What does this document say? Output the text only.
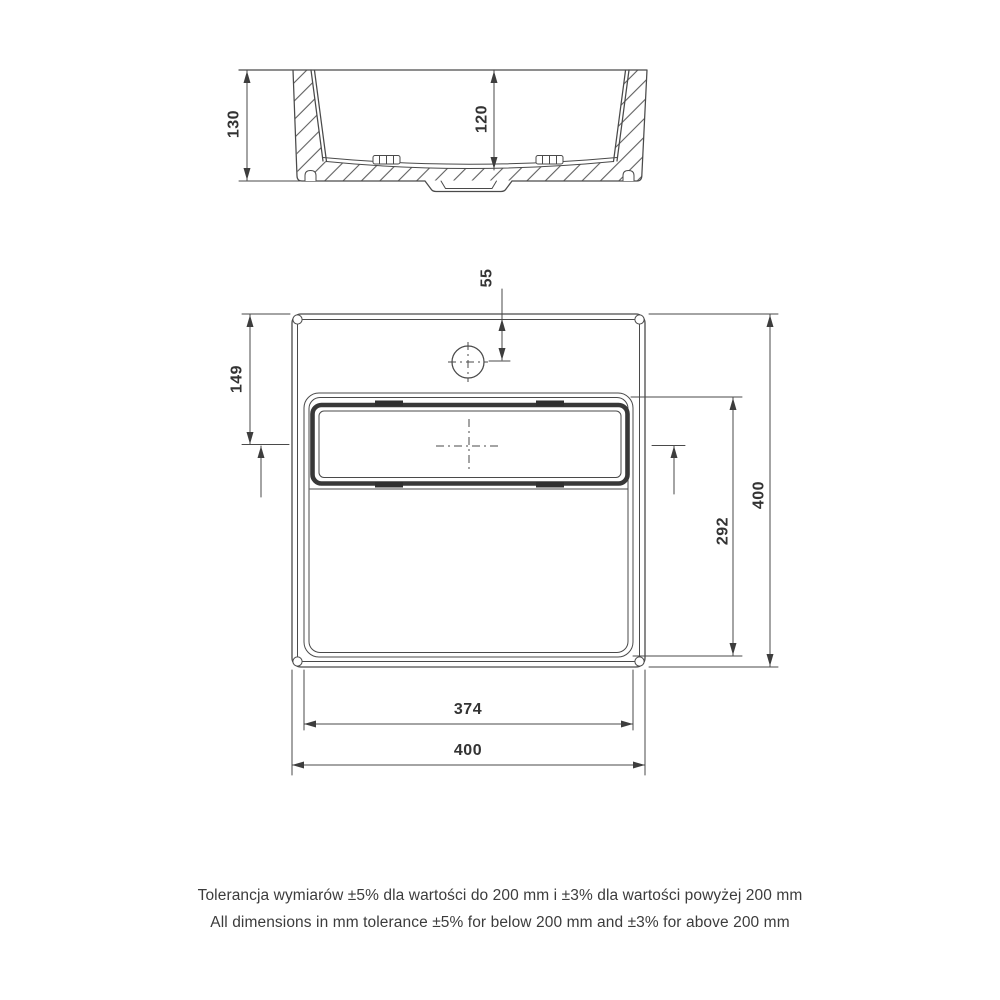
130	120
55
149
292
400
374
400
Tolerancja wymiarów ±5% dla wartości do 200 mm i ±3% dla wartości powyżej 200 mm
All dimensions in mm tolerance ±5% for below 200 mm and ±3% for above 200 mm
